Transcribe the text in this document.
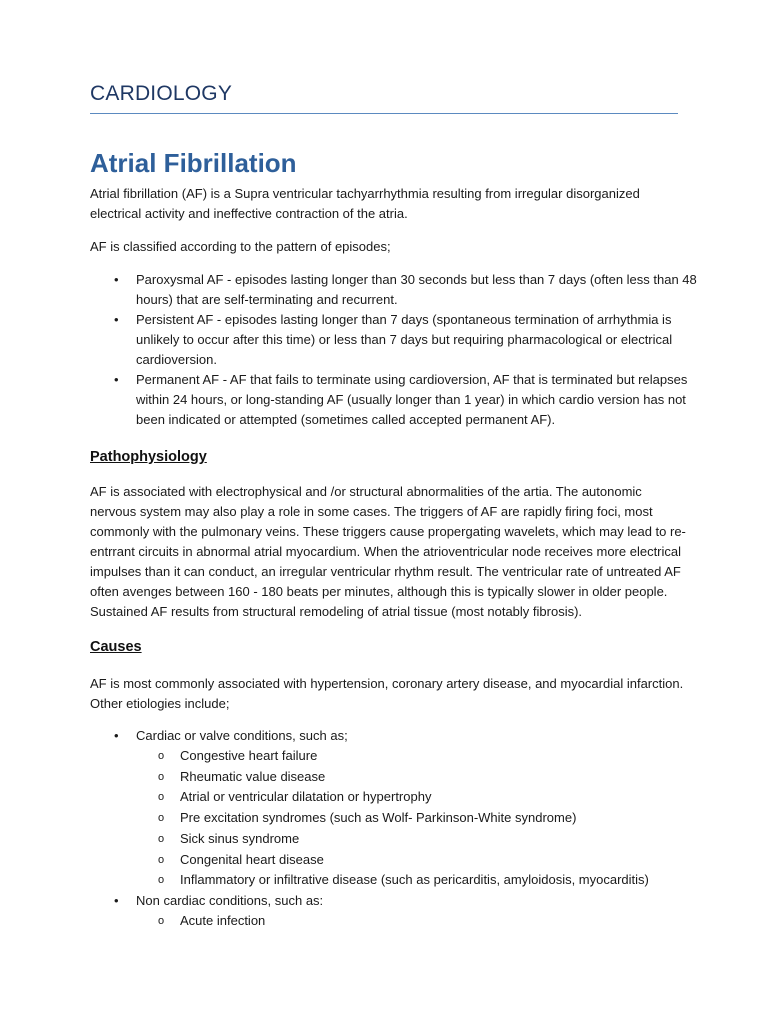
CARDIOLOGY
Atrial Fibrillation

Atrial fibrillation (AF) is a Supra ventricular tachyarrhythmia resulting from irregular disorganized
electrical activity and ineffective contraction of the atria.

AF is classified according to the pattern of episodes;

• Paroxysmal AF - episodes lasting longer than 30 seconds but less than 7 days (often less than 48
hours) that are self-terminating and recurrent.
• Persistent AF - episodes lasting longer than 7 days (spontaneous termination of arrhythmia is
unlikely to occur after this time) or less than 7 days but requiring pharmacological or electrical
cardioversion.
• Permanent AF - AF that fails to terminate using cardioversion, AF that is terminated but relapses
within 24 hours, or long-standing AF (usually longer than 1 year) in which cardio version has not
been indicated or attempted (sometimes called accepted permanent AF).
Pathophysiology

AF is associated with electrophysical and /or structural abnormalities of the artia. The autonomic
nervous system may also play a role in some cases. The triggers of AF are rapidly firing foci, most
commonly with the pulmonary veins. These triggers cause propergating wavelets, which may lead to re-
entrrant circuits in abnormal atrial myocardium. When the atrioventricular node receives more electrical
impulses than it can conduct, an irregular ventricular rhythm result. The ventricular rate of untreated AF
often avenges between 160 - 180 beats per minutes, although this is typically slower in older people.
Sustained AF results from structural remodeling of atrial tissue (most notably fibrosis).

Causes

AF is most commonly associated with hypertension, coronary artery disease, and myocardial infarction.
Other etiologies include;

• Cardiac or valve conditions, such as;
o Congestive heart failure
o Rheumatic value disease
o Atrial or ventricular dilatation or hypertrophy
o Pre excitation syndromes (such as Wolf- Parkinson-White syndrome)
o Sick sinus syndrome
o Congenital heart disease
o Inflammatory or infiltrative disease (such as pericarditis, amyloidosis, myocarditis)
• Non cardiac conditions, such as:
o Acute infection
